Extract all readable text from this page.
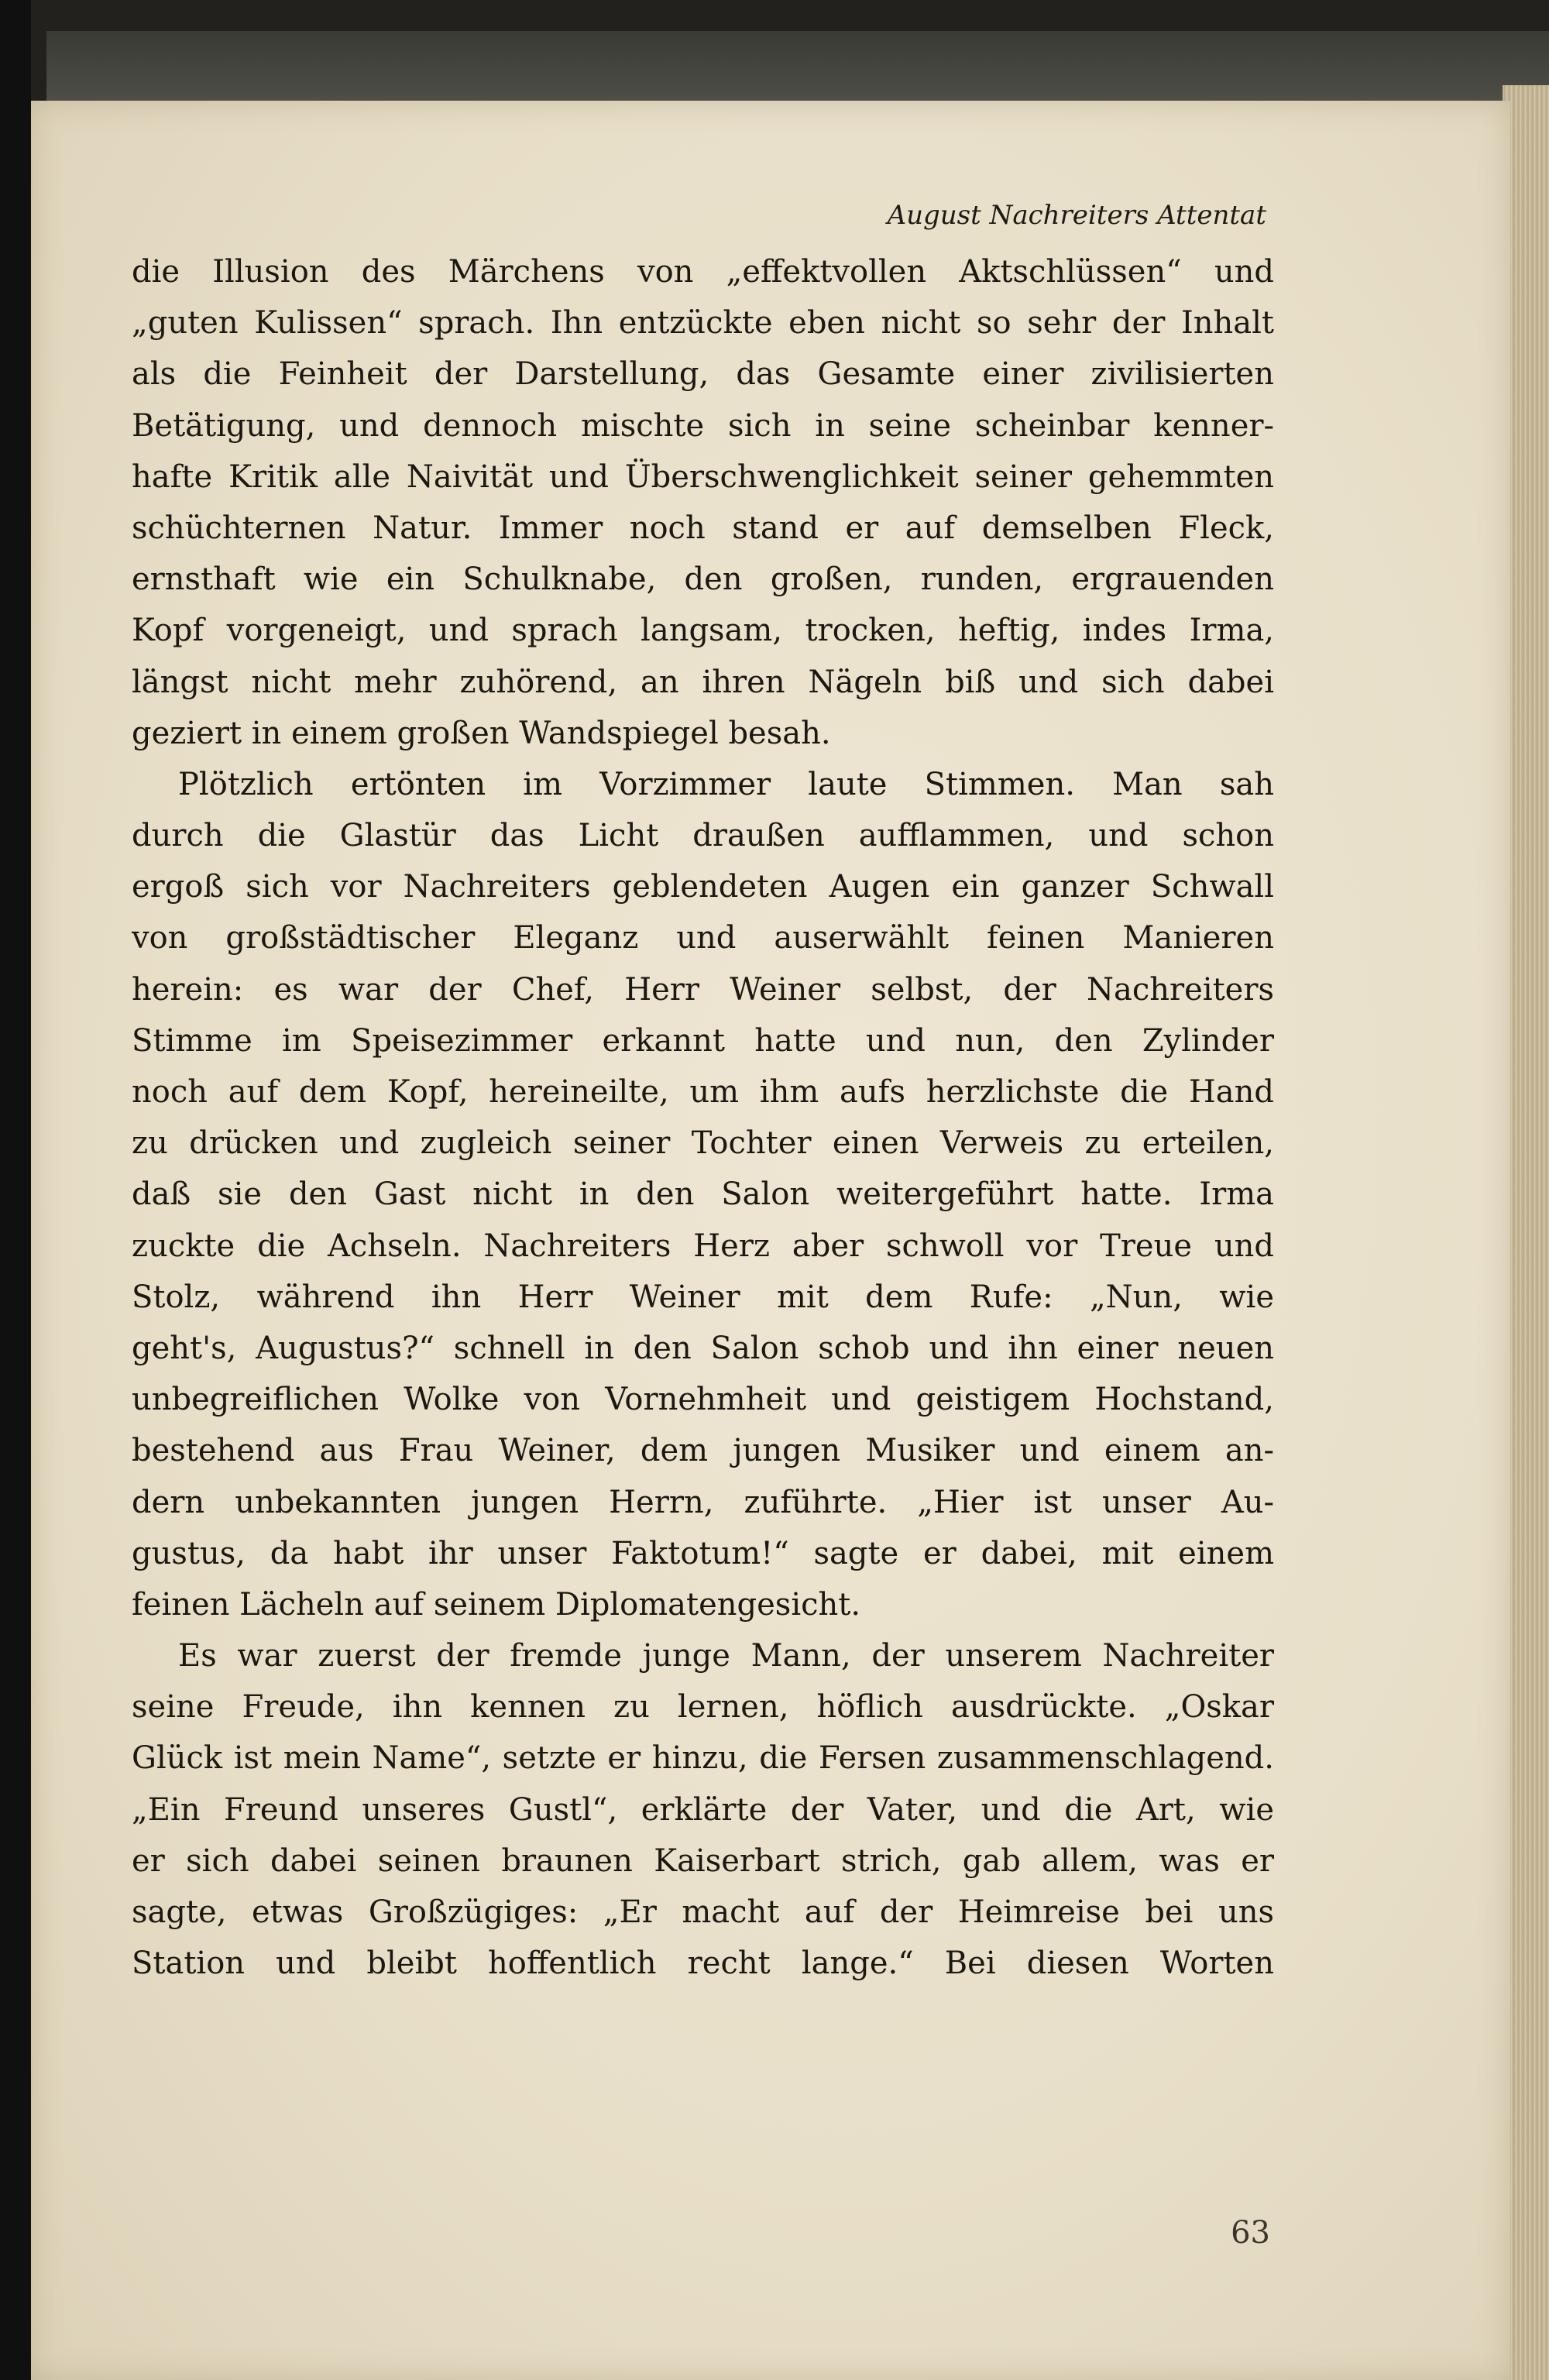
August Nachreiters Attentat
die Illusion des Märchens von „effektvollen Aktschlüssen“ und
„guten Kulissen“ sprach. Ihn entzückte eben nicht so sehr der Inhalt
als die Feinheit der Darstellung, das Gesamte einer zivilisierten
Betätigung, und dennoch mischte sich in seine scheinbar kenner-
hafte Kritik alle Naivität und Überschwenglichkeit seiner gehemmten
schüchternen Natur. Immer noch stand er auf demselben Fleck,
ernsthaft wie ein Schulknabe, den großen, runden, ergrauenden
Kopf vorgeneigt, und sprach langsam, trocken, heftig, indes Irma,
längst nicht mehr zuhörend, an ihren Nägeln biß und sich dabei
geziert in einem großen Wandspiegel besah.
Plötzlich ertönten im Vorzimmer laute Stimmen. Man sah
durch die Glastür das Licht draußen aufflammen, und schon
ergoß sich vor Nachreiters geblendeten Augen ein ganzer Schwall
von großstädtischer Eleganz und auserwählt feinen Manieren
herein: es war der Chef, Herr Weiner selbst, der Nachreiters
Stimme im Speisezimmer erkannt hatte und nun, den Zylinder
noch auf dem Kopf, hereineilte, um ihm aufs herzlichste die Hand
zu drücken und zugleich seiner Tochter einen Verweis zu erteilen,
daß sie den Gast nicht in den Salon weitergeführt hatte. Irma
zuckte die Achseln. Nachreiters Herz aber schwoll vor Treue und
Stolz, während ihn Herr Weiner mit dem Rufe: „Nun, wie
geht's, Augustus?“ schnell in den Salon schob und ihn einer neuen
unbegreiflichen Wolke von Vornehmheit und geistigem Hochstand,
bestehend aus Frau Weiner, dem jungen Musiker und einem an-
dern unbekannten jungen Herrn, zuführte. „Hier ist unser Au-
gustus, da habt ihr unser Faktotum!“ sagte er dabei, mit einem
feinen Lächeln auf seinem Diplomatengesicht.
Es war zuerst der fremde junge Mann, der unserem Nachreiter
seine Freude, ihn kennen zu lernen, höflich ausdrückte. „Oskar
Glück ist mein Name“, setzte er hinzu, die Fersen zusammenschlagend.
„Ein Freund unseres Gustl“, erklärte der Vater, und die Art, wie
er sich dabei seinen braunen Kaiserbart strich, gab allem, was er
sagte, etwas Großzügiges: „Er macht auf der Heimreise bei uns
Station und bleibt hoffentlich recht lange.“ Bei diesen Worten
63
